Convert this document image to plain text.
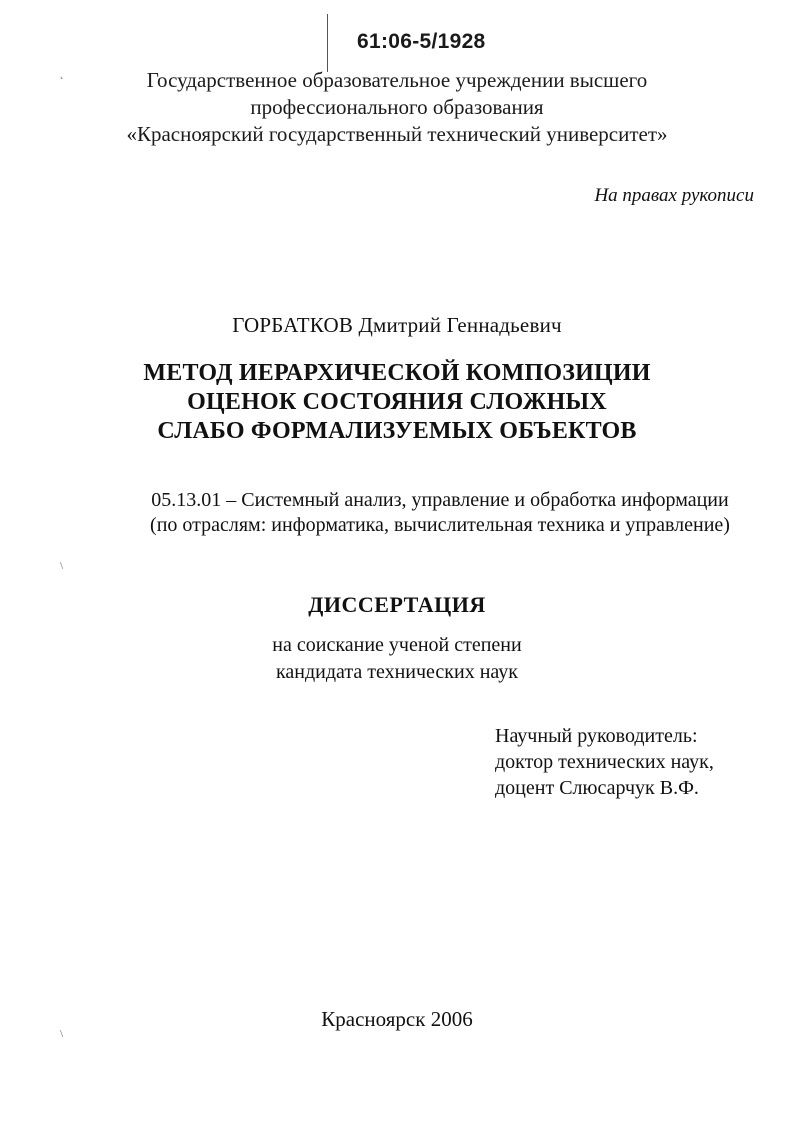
61:06-5/1928
˛
\
\
Государственное образовательное учреждении высшего
профессионального образования
«Красноярский государственный технический университет»
На правах рукописи
ГОРБАТКОВ Дмитрий Геннадьевич
МЕТОД ИЕРАРХИЧЕСКОЙ КОМПОЗИЦИИ
ОЦЕНОК СОСТОЯНИЯ СЛОЖНЫХ
СЛАБО ФОРМАЛИЗУЕМЫХ ОБЪЕКТОВ
05.13.01 – Системный анализ, управление и обработка информации
(по отраслям: информатика, вычислительная техника и управление)
ДИССЕРТАЦИЯ
на соискание ученой степени
кандидата технических наук
Научный руководитель:
доктор технических наук,
доцент Слюсарчук В.Ф.
Красноярск 2006
